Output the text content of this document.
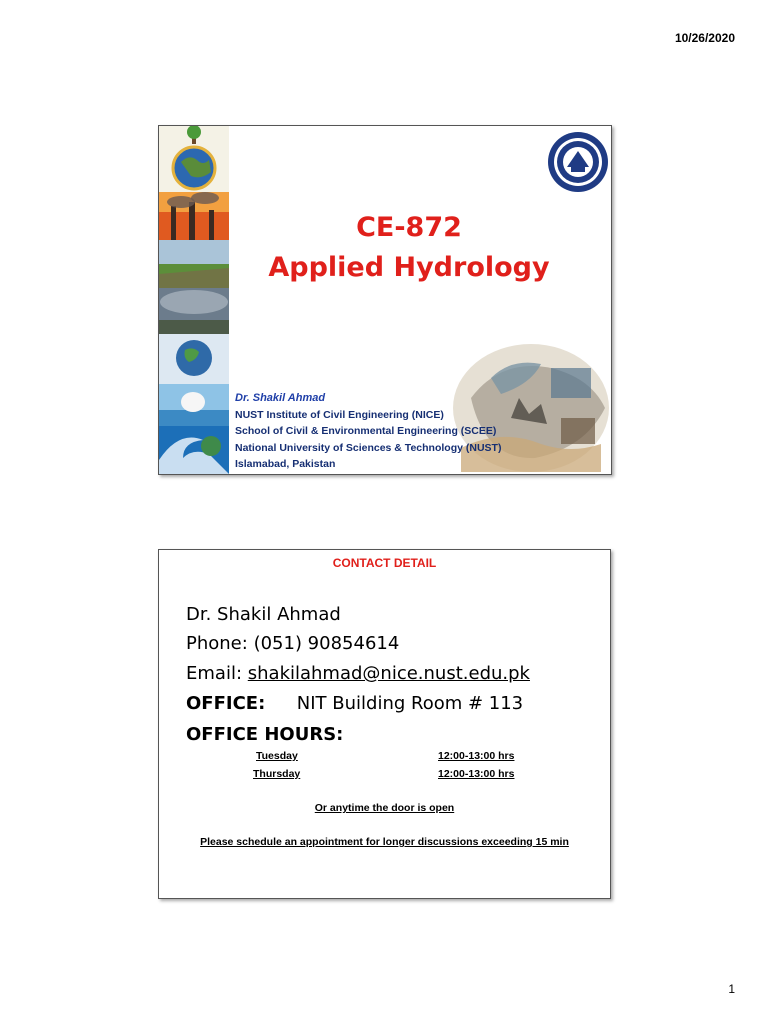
10/26/2020
CE-872
Applied Hydrology
Dr. Shakil Ahmad
NUST Institute of Civil Engineering (NICE)
School of Civil & Environmental Engineering (SCEE)
National University of Sciences & Technology (NUST)
Islamabad, Pakistan
CONTACT DETAIL
Dr. Shakil Ahmad
Phone: (051) 90854614
Email: shakilahmad@nice.nust.edu.pk
OFFICE: NIT Building Room # 113
OFFICE HOURS:
Tuesday	12:00-13:00 hrs
Thursday	12:00-13:00 hrs
Or anytime the door is open
Please schedule an appointment for longer discussions exceeding 15 min
1
